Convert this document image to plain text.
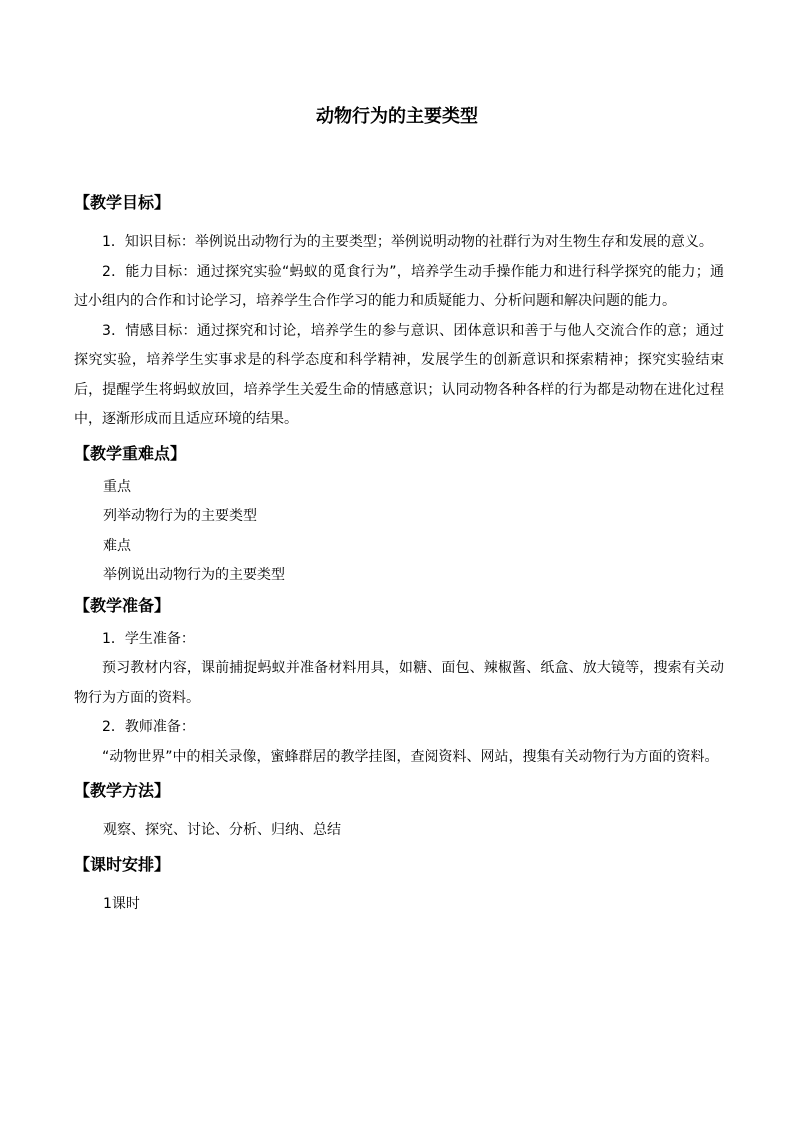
动物行为的主要类型

【教学目标】

1．知识目标：举例说出动物行为的主要类型；举例说明动物的社群行为对生物生存和发展的意义。

2．能力目标：通过探究实验“蚂蚁的觅食行为”，培养学生动手操作能力和进行科学探究的能力；通过小组内的合作和讨论学习，培养学生合作学习的能力和质疑能力、分析问题和解决问题的能力。

3．情感目标：通过探究和讨论，培养学生的参与意识、团体意识和善于与他人交流合作的意；通过探究实验，培养学生实事求是的科学态度和科学精神，发展学生的创新意识和探索精神；探究实验结束后，提醒学生将蚂蚁放回，培养学生关爱生命的情感意识；认同动物各种各样的行为都是动物在进化过程中，逐渐形成而且适应环境的结果。

【教学重难点】

重点

列举动物行为的主要类型

难点

举例说出动物行为的主要类型

【教学准备】

1．学生准备：

预习教材内容，课前捕捉蚂蚁并准备材料用具，如糖、面包、辣椒酱、纸盒、放大镜等，搜索有关动物行为方面的资料。

2．教师准备：

“动物世界”中的相关录像，蜜蜂群居的教学挂图，查阅资料、网站，搜集有关动物行为方面的资料。

【教学方法】

观察、探究、讨论、分析、归纳、总结

【课时安排】

1课时
